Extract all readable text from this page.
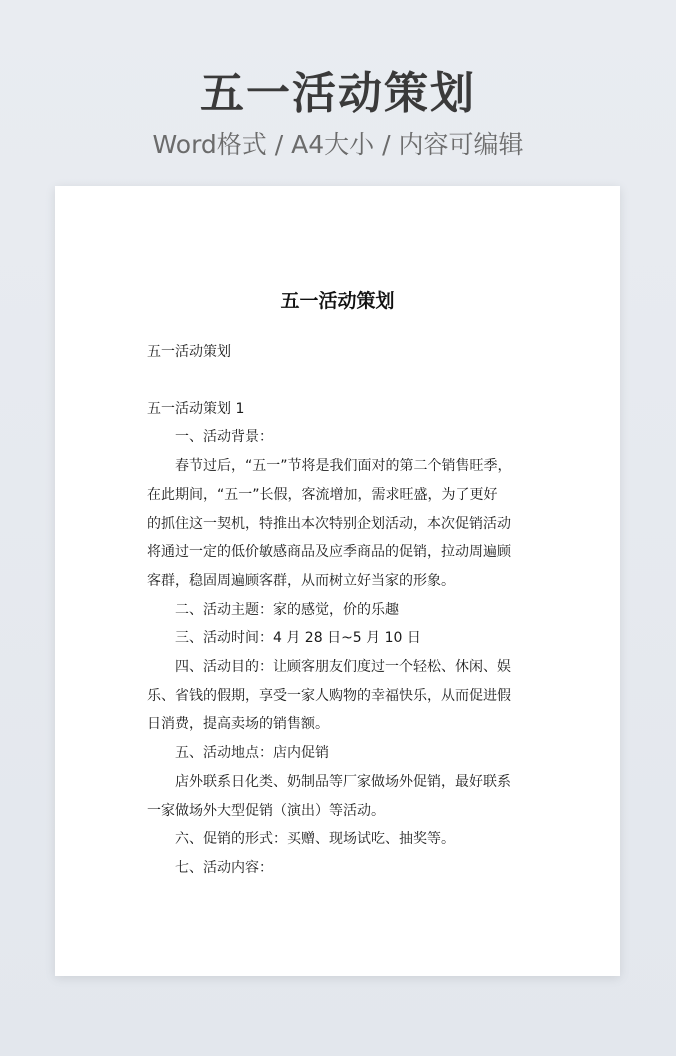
五一活动策划
Word格式 / A4大小 / 内容可编辑
五一活动策划

五一活动策划

五一活动策划 1

一、活动背景：

春节过后，“五一”节将是我们面对的第二个销售旺季，

在此期间，“五一”长假，客流增加，需求旺盛，为了更好

的抓住这一契机，特推出本次特别企划活动，本次促销活动

将通过一定的低价敏感商品及应季商品的促销，拉动周遍顾

客群，稳固周遍顾客群，从而树立好当家的形象。

二、活动主题：家的感觉，价的乐趣

三、活动时间：4 月 28 日~5 月 10 日

四、活动目的：让顾客朋友们度过一个轻松、休闲、娱

乐、省钱的假期，享受一家人购物的幸福快乐，从而促进假

日消费，提高卖场的销售额。

五、活动地点：店内促销

店外联系日化类、奶制品等厂家做场外促销，最好联系

一家做场外大型促销（演出）等活动。

六、促销的形式：买赠、现场试吃、抽奖等。

七、活动内容：
